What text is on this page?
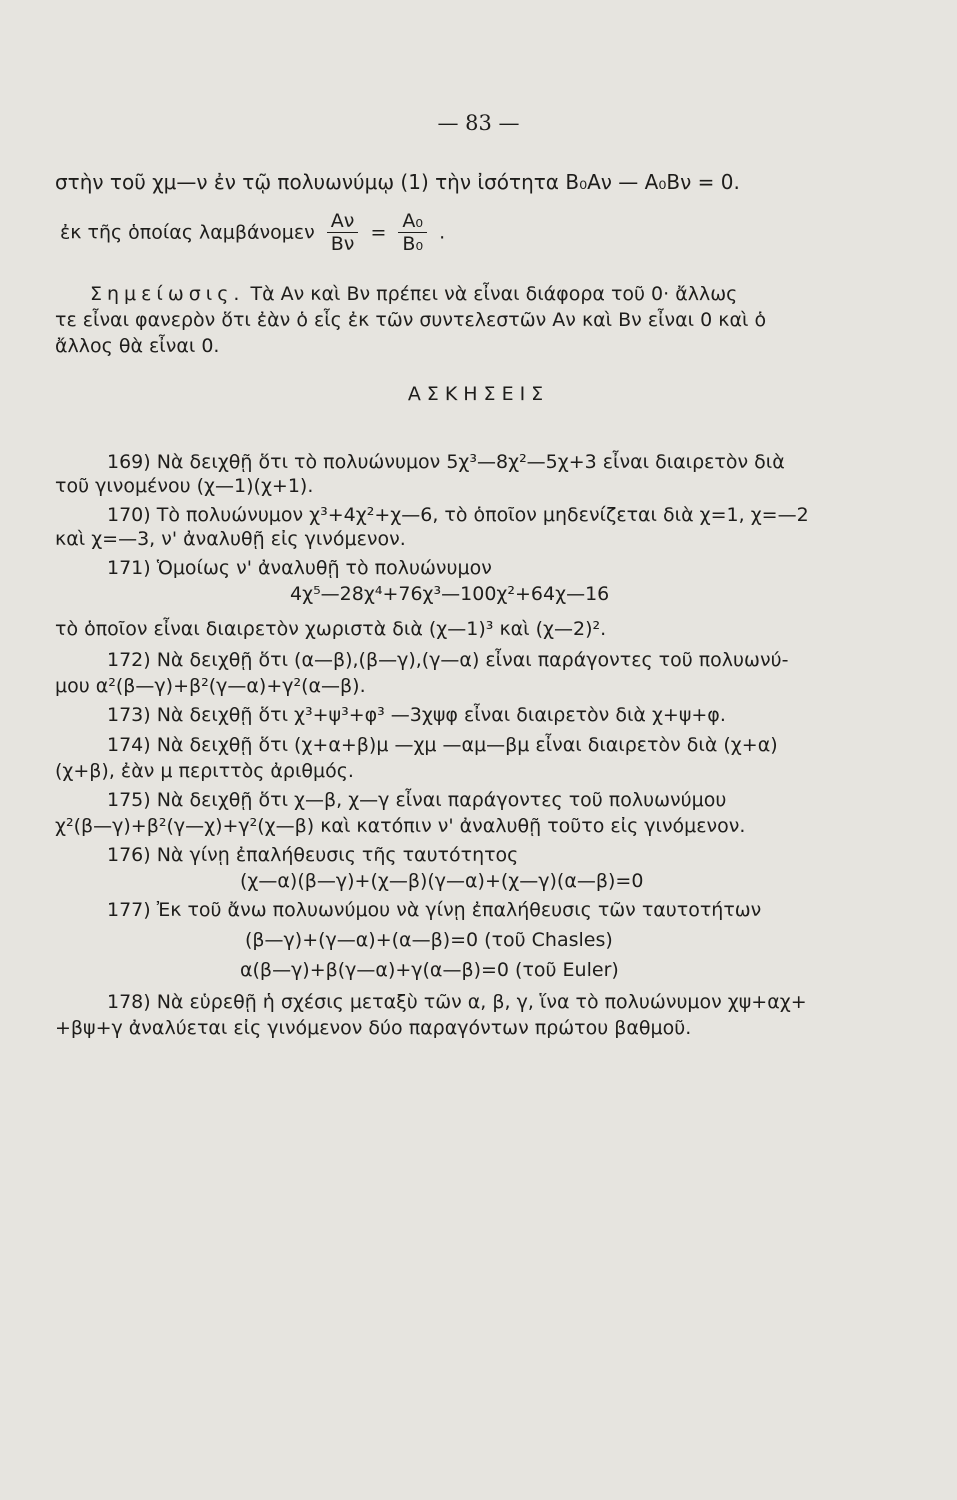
— 83 —
στὴν τοῦ χμ—ν ἐν τῷ πολυωνύμῳ (1) τὴν ἰσότητα B₀Aν — A₀Bν = 0.
ἐκ τῆς ὁποίας λαμβάνομεν $\frac{A\nu}{B\nu} = \frac{\text{A₀}}{\text{B₀}}$ .
Σημείωσις. Τὰ Aν καὶ Bν πρέπει νὰ εἶναι διάφορα τοῦ 0· ἄλλως
τε εἶναι φανερὸν ὅτι ἐὰν ὁ εἷς ἐκ τῶν συντελεστῶν Aν καὶ Bν εἶναι 0 καὶ ὁ
ἄλλος θὰ εἶναι 0.
ΑΣΚΗΣΕΙΣ
169) Νὰ δειχθῇ ὅτι τὸ πολυώνυμον 5χ³—8χ²—5χ+3 εἶναι διαιρετὸν διὰ
τοῦ γινομένου (χ—1)(χ+1).
170) Τὸ πολυώνυμον χ³+4χ²+χ—6, τὸ ὁποῖον μηδενίζεται διὰ χ=1, χ=—2
καὶ χ=—3, ν' ἀναλυθῇ εἰς γινόμενον.
171) Ὁμοίως ν' ἀναλυθῇ τὸ πολυώνυμον
4χ⁵—28χ⁴+76χ³—100χ²+64χ—16
τὸ ὁποῖον εἶναι διαιρετὸν χωριστὰ διὰ (χ—1)³ καὶ (χ—2)².
172) Νὰ δειχθῇ ὅτι (α—β),(β—γ),(γ—α) εἶναι παράγοντες τοῦ πολυωνύ-
μου α²(β—γ)+β²(γ—α)+γ²(α—β).
173) Νὰ δειχθῇ ὅτι χ³+ψ³+φ³ —3χψφ εἶναι διαιρετὸν διὰ χ+ψ+φ.
174) Νὰ δειχθῇ ὅτι (χ+α+β)μ —χμ —αμ—βμ εἶναι διαιρετὸν διὰ (χ+α)
(χ+β), ἐὰν μ περιττὸς ἀριθμός.
175) Νὰ δειχθῇ ὅτι χ—β, χ—γ εἶναι παράγοντες τοῦ πολυωνύμου
χ²(β—γ)+β²(γ—χ)+γ²(χ—β) καὶ κατόπιν ν' ἀναλυθῇ τοῦτο εἰς γινόμενον.
176) Νὰ γίνῃ ἐπαλήθευσις τῆς ταυτότητος
(χ—α)(β—γ)+(χ—β)(γ—α)+(χ—γ)(α—β)=0
177) Ἐκ τοῦ ἄνω πολυωνύμου νὰ γίνῃ ἐπαλήθευσις τῶν ταυτοτήτων
(β—γ)+(γ—α)+(α—β)=0 (τοῦ Chasles)
α(β—γ)+β(γ—α)+γ(α—β)=0 (τοῦ Euler)
178) Νὰ εὑρεθῇ ἡ σχέσις μεταξὺ τῶν α, β, γ, ἵνα τὸ πολυώνυμον χψ+αχ+
+βψ+γ ἀναλύεται εἰς γινόμενον δύο παραγόντων πρώτου βαθμοῦ.
